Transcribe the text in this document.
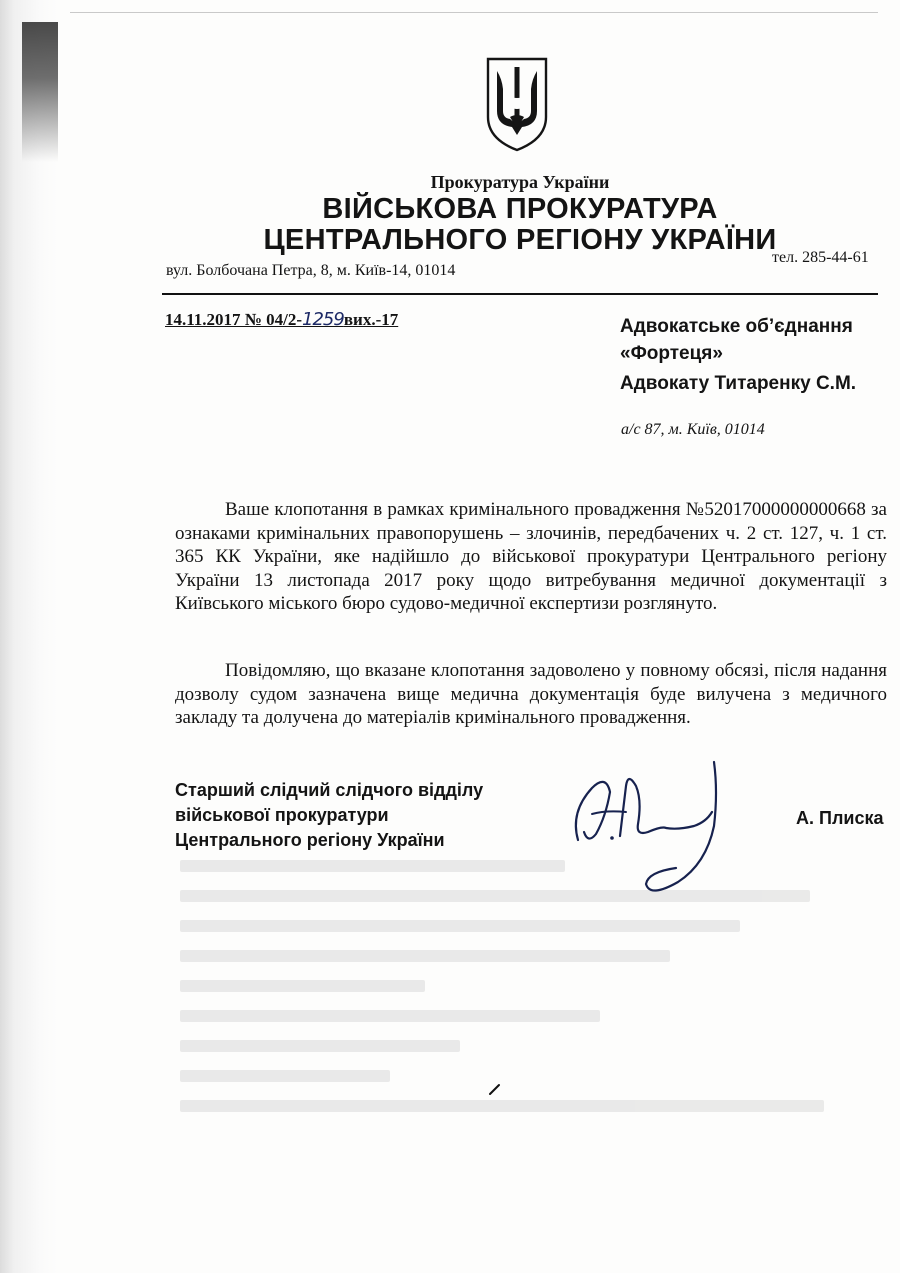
Прокуратура України
ВІЙСЬКОВА ПРОКУРАТУРА
ЦЕНТРАЛЬНОГО РЕГІОНУ УКРАЇНИ
вул. Болбочана Петра, 8, м. Київ-14, 01014
тел. 285-44-61
14.11.2017 № 04/2-1259вих.-17	Адвокатське об’єднання
«Фортеця»
Адвокату Титаренку С.М.
а/с 87, м. Київ, 01014
Ваше клопотання в рамках кримінального провадження №52017000000000668 за ознаками кримінальних правопорушень – злочинів, передбачених ч. 2 ст. 127, ч. 1 ст. 365 КК України, яке надійшло до військової прокуратури Центрального регіону України 13 листопада 2017 року щодо витребування медичної документації з Київського міського бюро судово-медичної експертизи розглянуто.
Повідомляю, що вказане клопотання задоволено у повному обсязі, після надання дозволу судом зазначена вище медична документація буде вилучена з медичного закладу та долучена до матеріалів кримінального провадження.
Старший слідчий слідчого відділу
військової прокуратури
Центрального регіону України
А. Плиска
